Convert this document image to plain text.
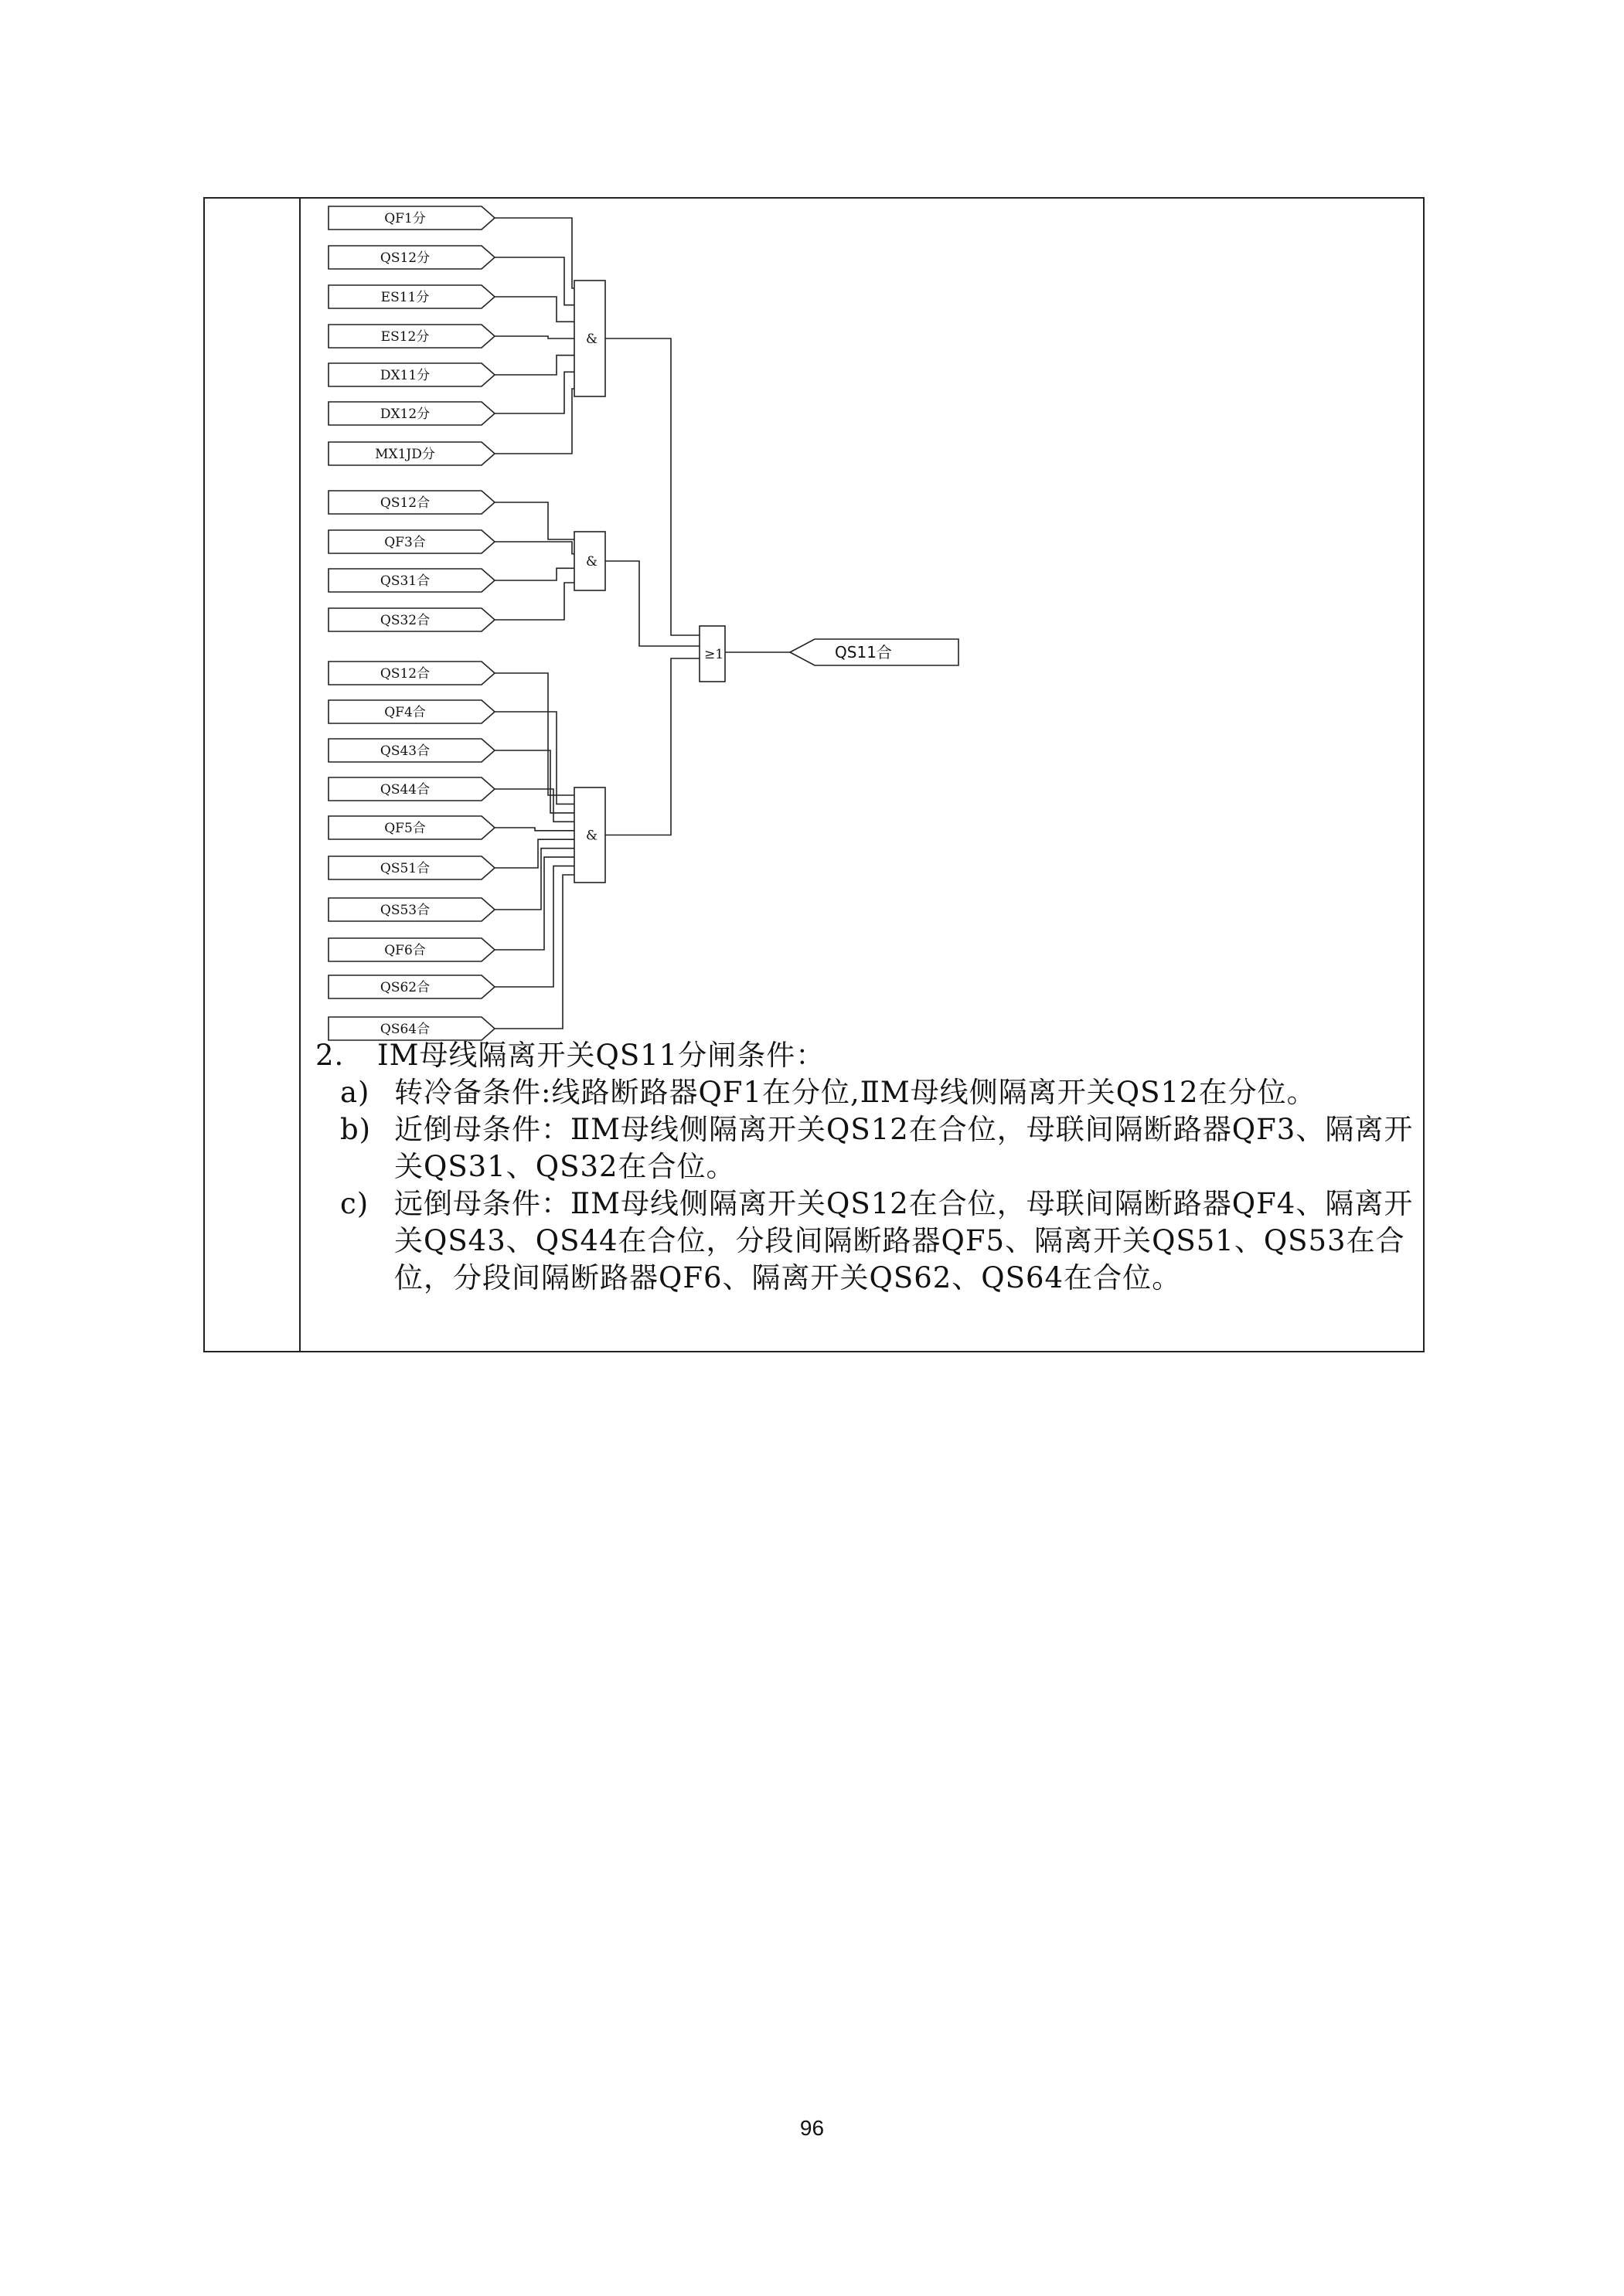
QF1分
QS12分
ES11分
ES12分
DX11分
DX12分
MX1JD分
&
QS12合
QF3合
QS31合
QS32合
&
QS12合
QF4合
QS43合
QS44合
QF5合
QS51合
QS53合
QF6合
QS62合
QS64合
&
≥1	QS11合
2. ⅠM母线隔离开关QS11分闸条件：
a) 转冷备条件:线路断路器QF1在分位,ⅡM母线侧隔离开关QS12在分位。
b) 近倒母条件：ⅡM母线侧隔离开关QS12在合位，母联间隔断路器QF3、隔离开关QS31、QS32在合位。
c) 远倒母条件：ⅡM母线侧隔离开关QS12在合位，母联间隔断路器QF4、隔离开关QS43、QS44在合位，分段间隔断路器QF5、隔离开关QS51、QS53在合位，分段间隔断路器QF6、隔离开关QS62、QS64在合位。
96
